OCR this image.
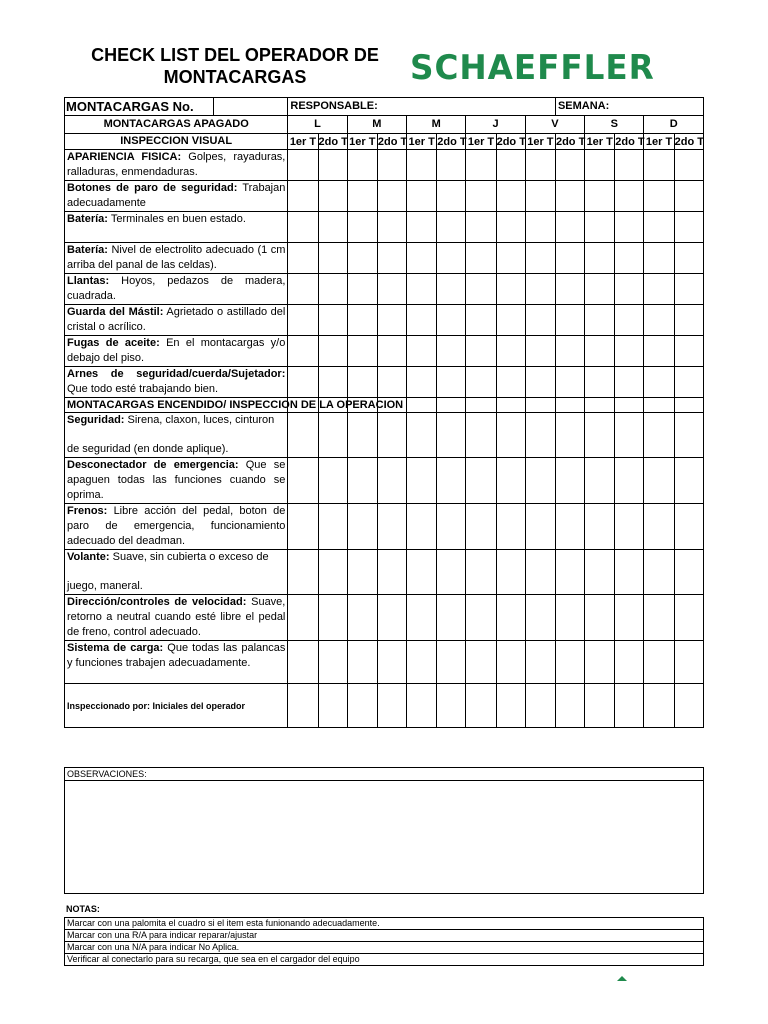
CHECK LIST DEL OPERADOR DE
MONTACARGAS	SCHAEFFLER
MONTACARGAS No.	RESPONSABLE:									SEMANA:				
MONTACARGAS APAGADO	L		M		M		J		V		S		D	
INSPECCION VISUAL	1er T	2do T	1er T	2do T	1er T	2do T	1er T	2do T	1er T	2do T	1er T	2do T	1er T	2do T
APARIENCIA FISICA: Golpes, rayaduras, ralladuras, enmendaduras.														
Botones de paro de seguridad: Trabajan adecuadamente														
Batería: Terminales en buen estado.														
Batería: Nivel de electrolito adecuado (1 cm arriba del panal de las celdas).														
Llantas: Hoyos, pedazos de madera, cuadrada.														
Guarda del Mástil: Agrietado o astillado del cristal o acrílico.														
Fugas de aceite: En el montacargas y/o debajo del piso.														
Arnes de seguridad/cuerda/Sujetador: Que todo esté trabajando bien.														
MONTACARGAS ENCENDIDO/ INSPECCION DE LA OPERACION														
Seguridad: Sirena, claxon, luces, cinturon
de seguridad (en donde aplique).														

Desconectador de emergencia: Que se apaguen todas las funciones cuando se oprima.														
Frenos: Libre acción del pedal, boton de paro de emergencia, funcionamiento adecuado del deadman.														
Volante: Suave, sin cubierta o exceso de
juego, maneral.														

Dirección/controles de velocidad: Suave, retorno a neutral cuando esté libre el pedal de freno, control adecuado.														
Sistema de carga: Que todas las palancas y funciones trabajen adecuadamente.														
Inspeccionado por: Iniciales del operador														
OBSERVACIONES:
NOTAS:
Marcar con una palomita el cuadro si el item esta funionando adecuadamente.
Marcar con una R/A para indicar reparar/ajustar
Marcar con una N/A para indicar No Aplica.
Verificar al conectarlo para su recarga, que sea en el cargador del equipo
